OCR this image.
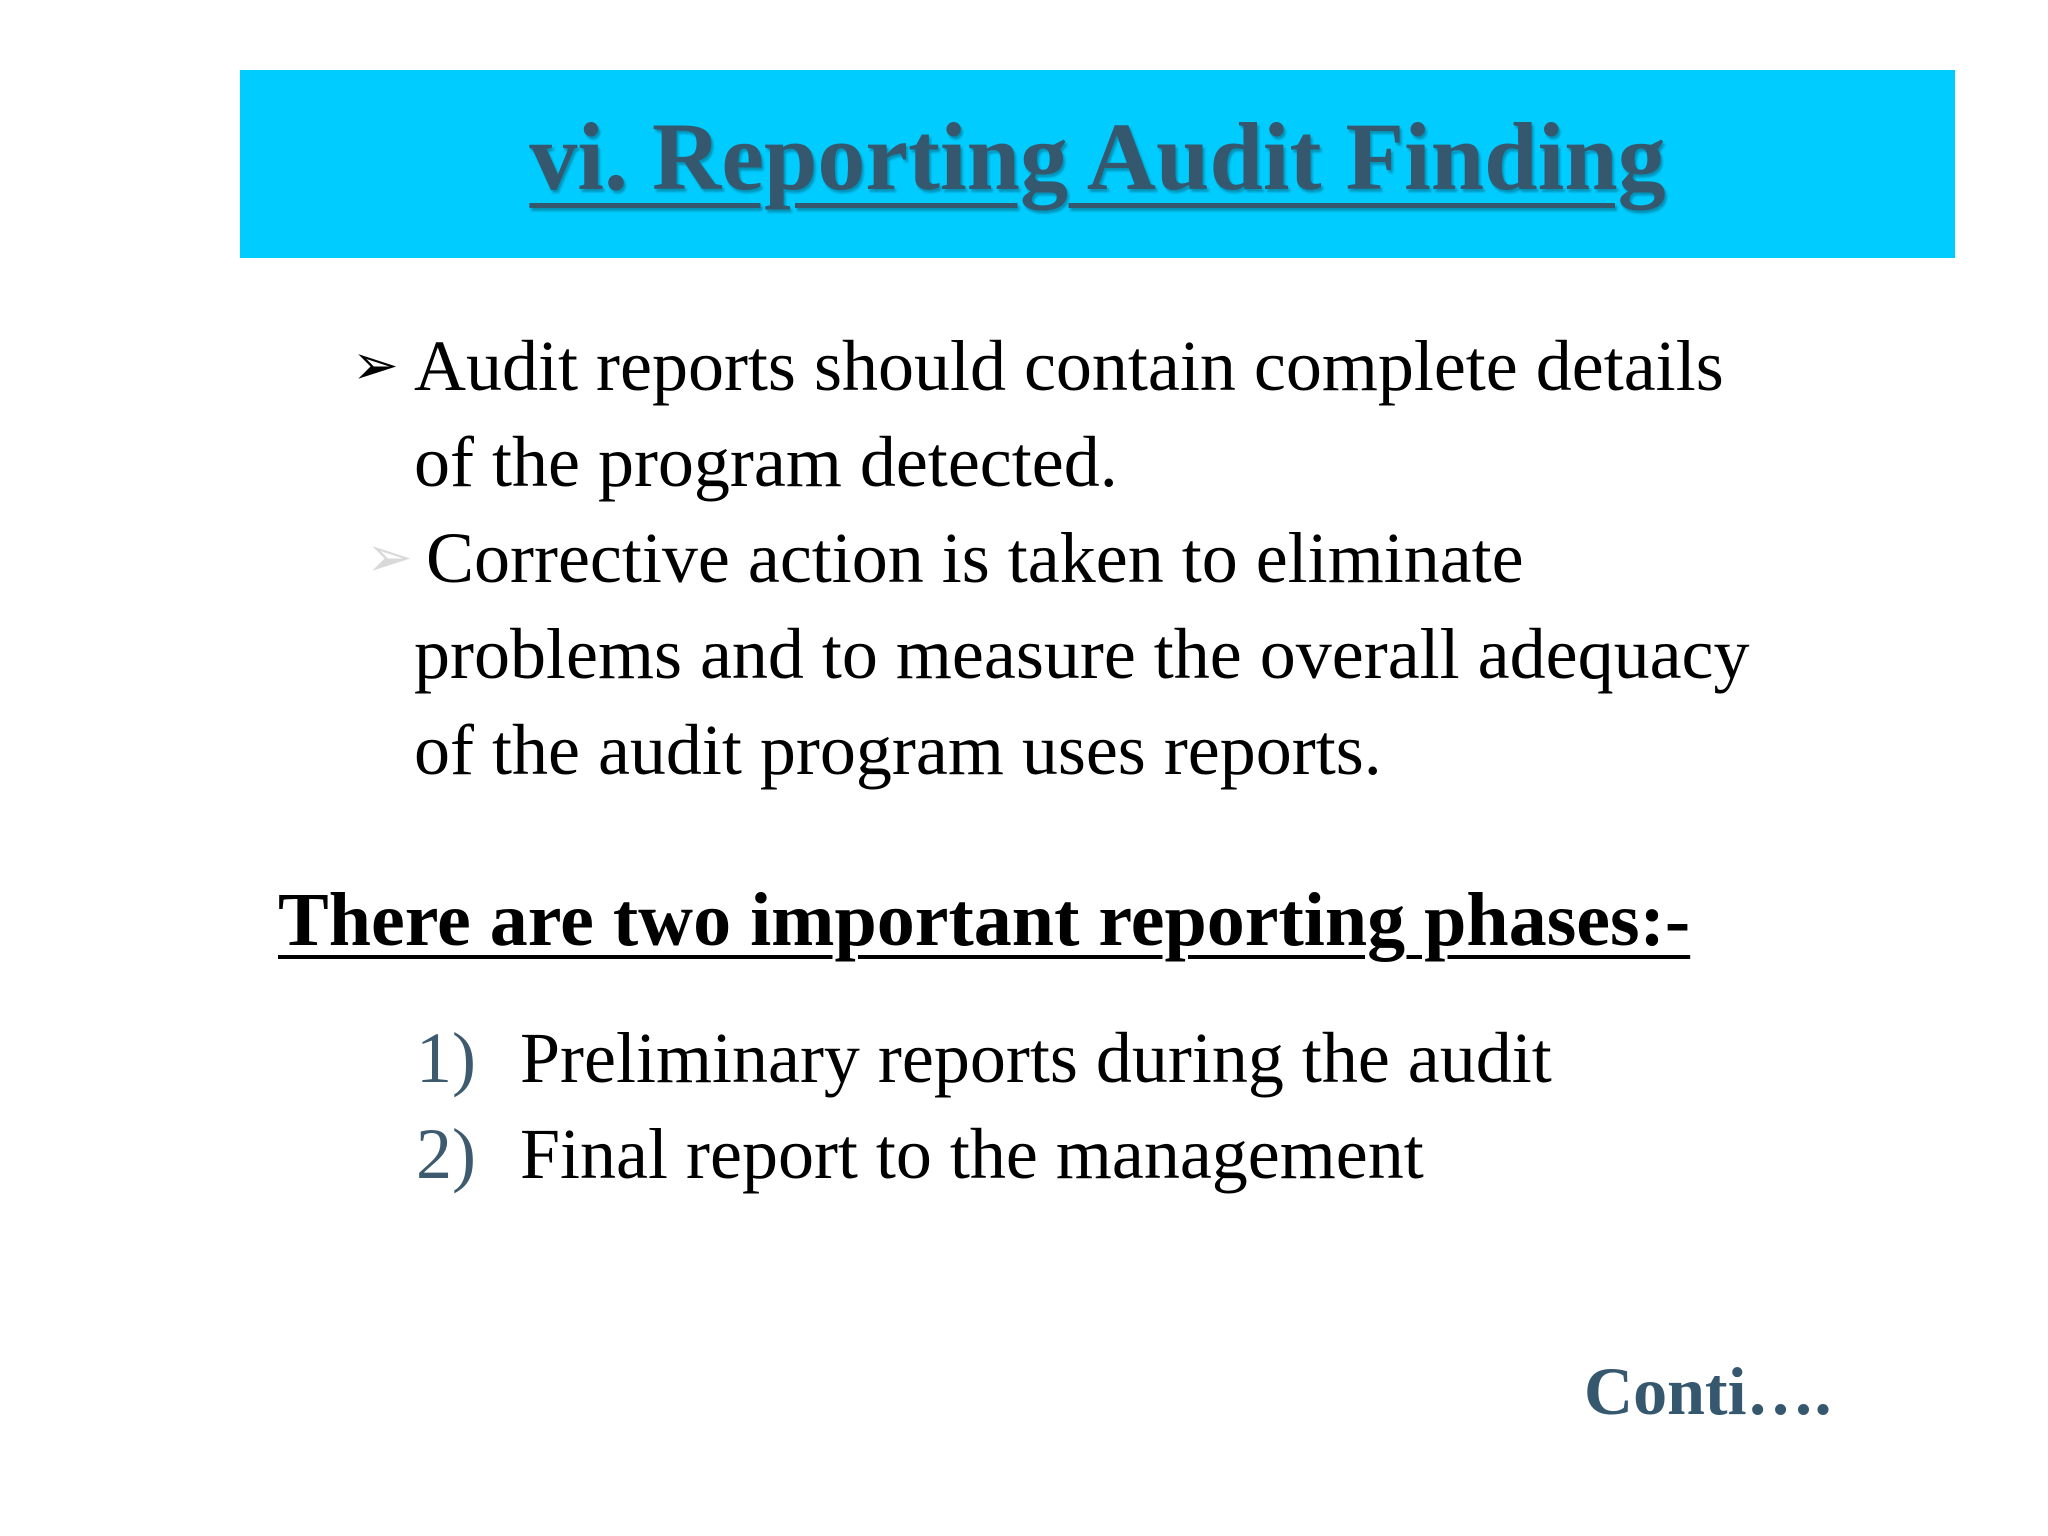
vi. Reporting Audit Finding
➢ Audit reports should contain complete details
of the program detected.
➢ Corrective action is taken to eliminate
problems and to measure the overall adequacy
of the audit program uses reports.
There are two important reporting phases:-
1) Preliminary reports during the audit
2) Final report to the management
Conti….
